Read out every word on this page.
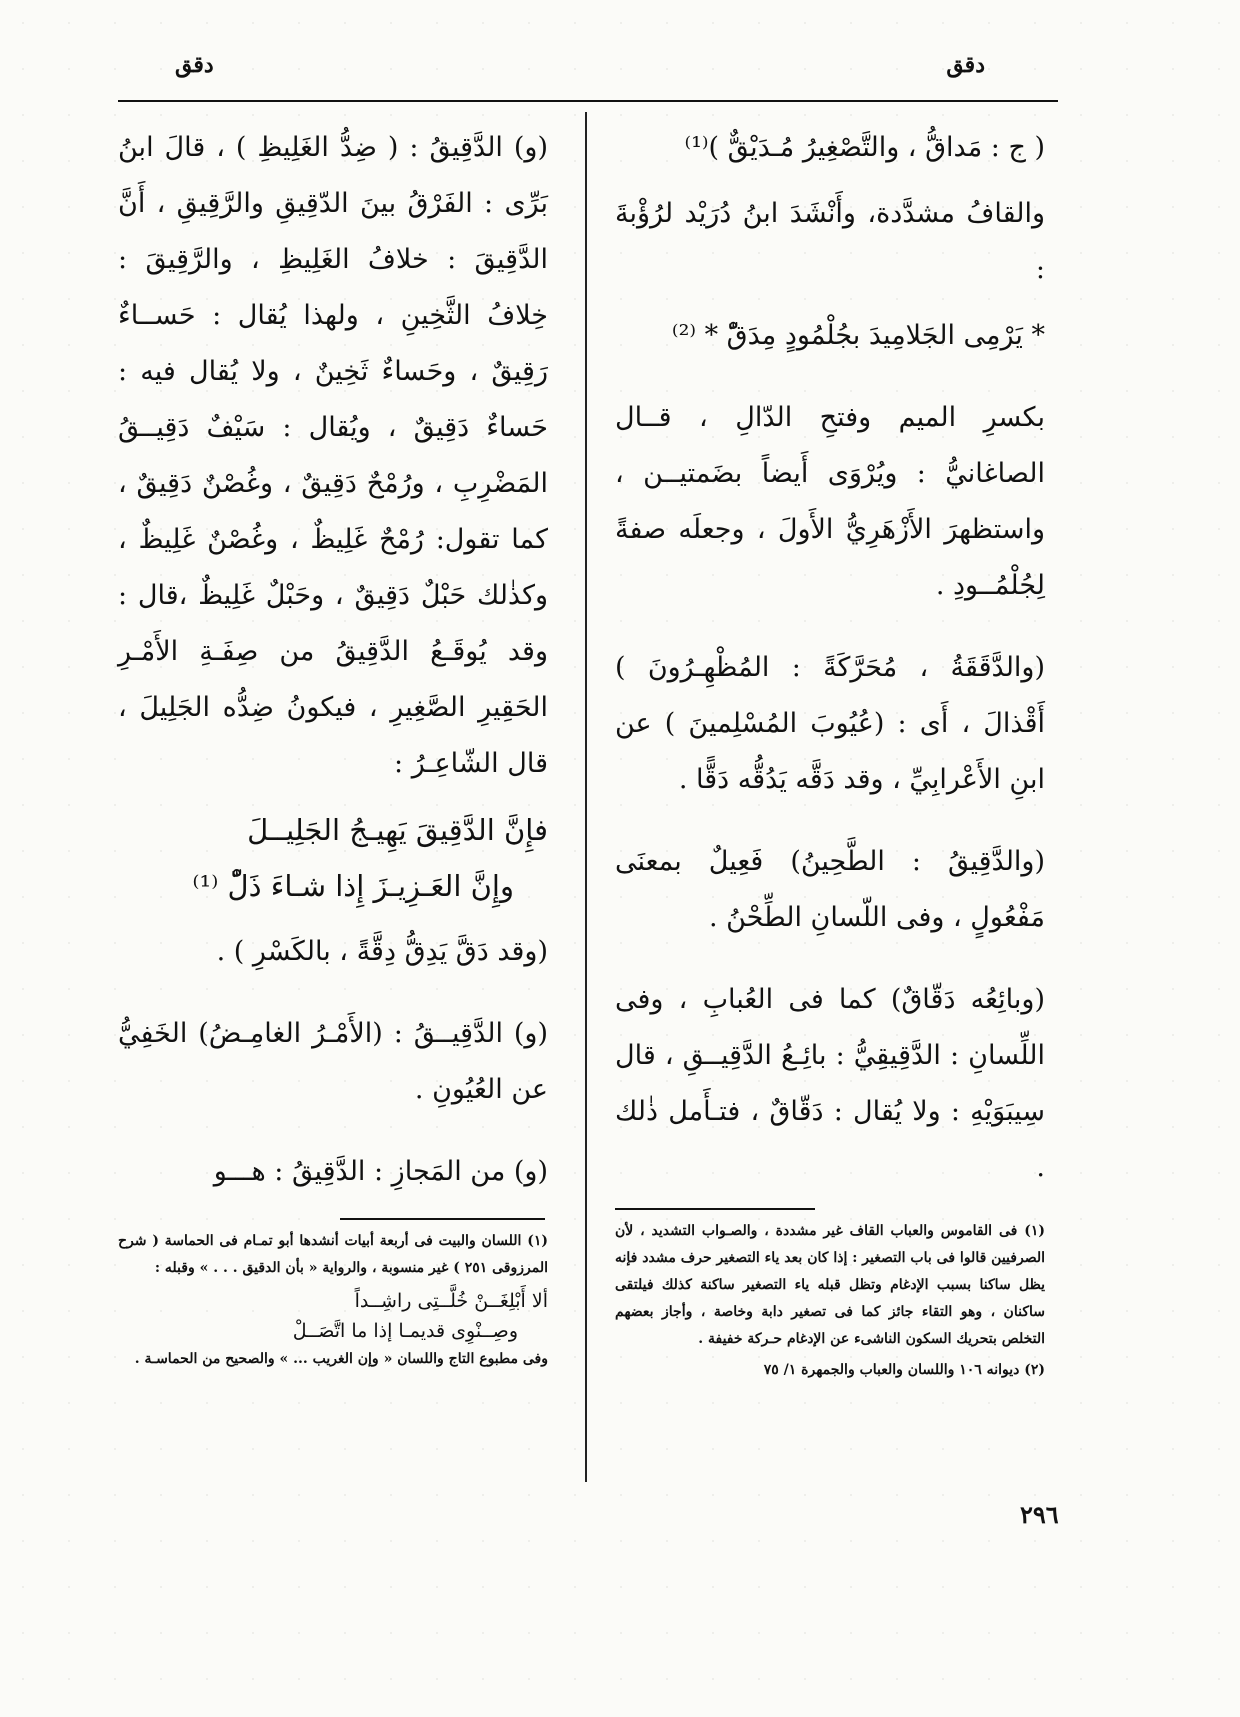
دقق
دقق

( ج : مَداقُّ ، والتَّصْغِيرُ مُـدَيْقٌّ )⁽¹⁾

والقافُ مشدَّدة، وأَنْشَدَ ابنُ دُرَيْد لرُؤْبةَ :

* يَرْمِى الجَلامِيدَ بجُلْمُودٍ مِدَقّْ * ⁽²⁾

بكسرِ الميم وفتحِ الدّالِ ، قــال الصاغانيُّ : ويُرْوَى أَيضاً بضَمتيــن ، واستظهرَ الأَزْهَرِيُّ الأَولَ ، وجعلَه صفةً لِجُلْمُــودِ .

(والدَّقَقَةُ ، مُحَرَّكَةً : المُظْهِـرُونَ ) أَقْذالَ ، أَى : (عُيُوبَ المُسْلِمينَ ) عن ابنِ الأَعْرابِيِّ ، وقد دَقَّه يَدُقُّه دَقًّا .

(والدَّقِيقُ : الطَّحِينُ) فَعِيلٌ بمعنَى مَفْعُولٍ ، وفى اللّسانِ الطِّحْنُ .

(وبائِعُه دَقّاقٌ) كما فى العُبابِ ، وفى اللِّسانِ : الدَّقِيقِيُّ : بائِـعُ الدَّقِيــقِ ، قال سِيبَوَيْهِ : ولا يُقال : دَقّاقٌ ، فتـأَمل ذٰلك .

(و) الدَّقِيقُ : ( ضِدُّ الغَلِيظِ ) ، قالَ ابنُ بَرِّى : الفَرْقُ بينَ الدّقِيقِ والرَّقِيقِ ، أَنَّ الدَّقِيقَ : خلافُ الغَلِيظِ ، والرَّقِيقَ : خِلافُ الثَّخِينِ ، ولهذا يُقال : حَســاءٌ رَقِيقٌ ، وحَساءٌ ثَخِينٌ ، ولا يُقال فيه : حَساءٌ دَقِيقٌ ، ويُقال : سَيْفٌ دَقِيــقُ المَضْرِبِ ، ورُمْحٌ دَقِيقٌ ، وغُصْنٌ دَقِيقٌ ، كما تقول: رُمْحٌ غَلِيظٌ ، وغُصْنٌ غَلِيظٌ ، وكذٰلك حَبْلٌ دَقِيقٌ ، وحَبْلٌ غَلِيظٌ ،قال : وقد يُوقَـعُ الدَّقِيقُ من صِفَـةِ الأَمْـرِ الحَقِيرِ الصَّغِيرِ ، فيكونُ ضِدُّه الجَلِيلَ ، قال الشّاعِـرُ :

فإِنَّ الدَّقِيقَ يَهِيـجُ الجَلِيــلَ
وإِنَّ العَـزِيـزَ إِذا شـاءَ ذَلّْ ⁽¹⁾

(وقد دَقَّ يَدِقُّ دِقَّةً ، بالكَسْرِ ) .

(و) الدَّقِيــقُ : (الأَمْـرُ الغامِـضُ) الخَفِيُّ عن العُيُونِ .

(و) من المَجازِ : الدَّقِيقُ : هـــو

(١) فى القاموس والعباب القاف غير مشددة ، والصـواب التشديد ، لأن الصرفيين قالوا فى باب التصغير : إذا كان بعد ياء التصغير حرف مشدد فإنه يظل ساكنا بسبب الإدغام وتظل قبله ياء التصغير ساكنة كذلك فيلتقى ساكنان ، وهو التقاء جائز كما فى تصغير دابة وخاصة ، وأجاز بعضهم التخلص بتحريك السكون الناشىء عن الإدغام حـركة خفيفة .

(٢) ديوانه ١٠٦ واللسان والعباب والجمهرة ١/ ٧٥

(١) اللسان والبيت فى أربعة أبيات أنشدها أبو تمـام فى الحماسة ( شرح المرزوقى ٢٥١ ) غير منسوبة ، والرواية « بأن الدقيق . . . » وقبله :

ألا أَبْلِغَــنْ خُلَّــتِى راشِــداً
وصِــنْوِى قديمـا إذا ما اتَّصَــلْ

وفى مطبوع التاج واللسان « وإن الغريب ... » والصحيح من الحماسـة .

٢٩٦
